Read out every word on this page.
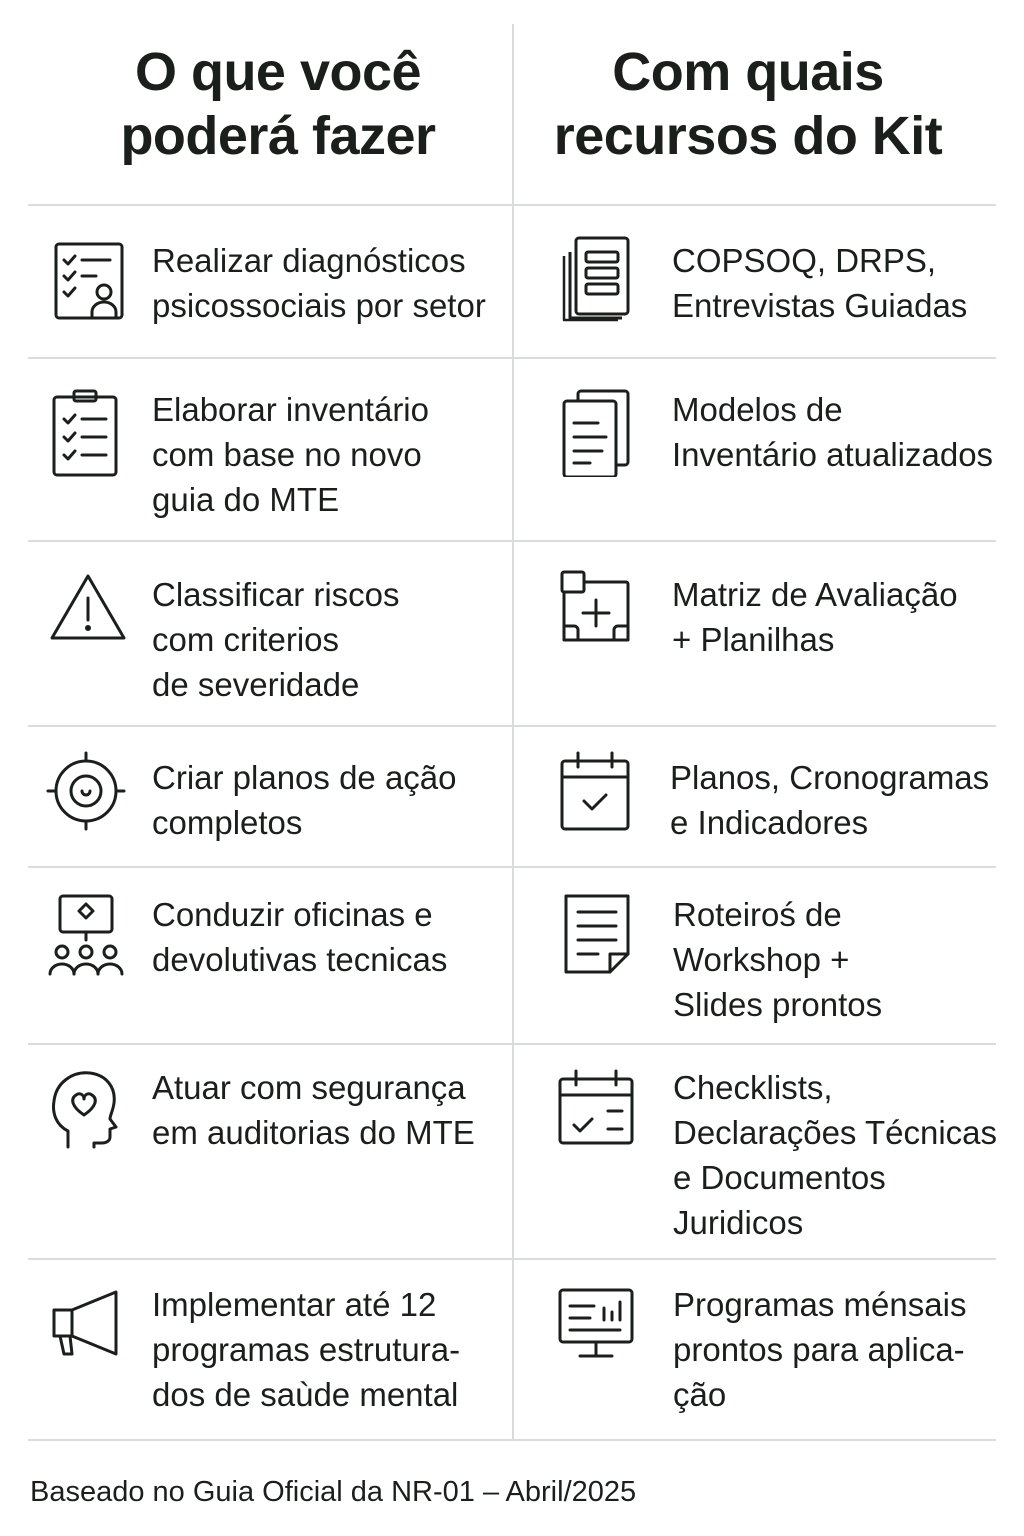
O que você
poderá fazer
Com quais
recursos do Kit
Realizar diagnósticos
psicossociais por setor
COPSOQ, DRPS,
Entrevistas Guiadas
Elaborar inventário
com base no novo
guia do MTE
Modelos de
Inventário atualizados
Classificar riscos
com criterios
de severidade
Matriz de Avaliação
+ Planilhas
Criar planos de ação
completos
Planos, Cronogramas
e Indicadores
Conduzir oficinas e
devolutivas tecnicas
Roteiroś de
Workshop +
Slides prontos
Atuar com segurança
em auditorias do MTE
Checklists,
Declarações Técnicas
e Documentos
Juridicos
Implementar até 12
programas estrutura-
dos de saùde mental
Programas ménsais
prontos para aplica-
ção
Baseado no Guia Oficial da NR-01 – Abril/2025
